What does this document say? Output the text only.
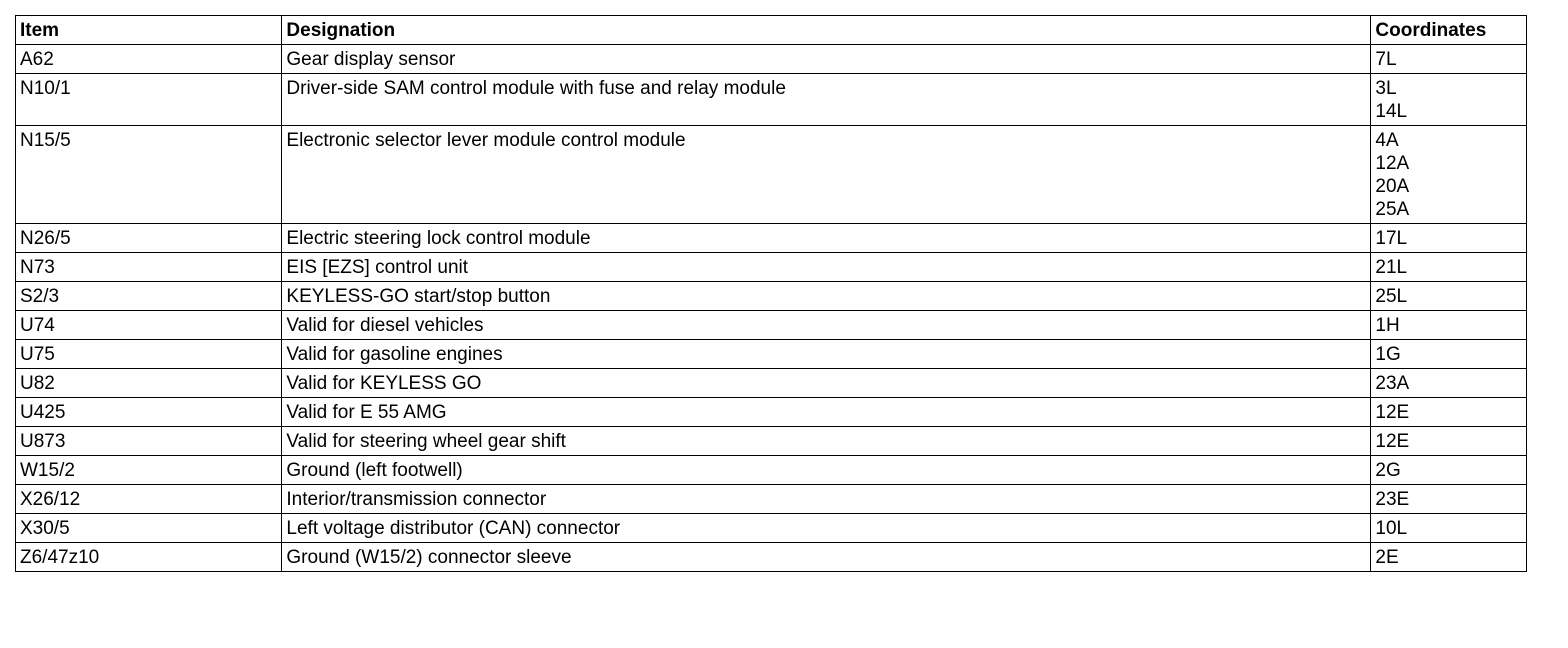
Item	Designation	Coordinates
A62	Gear display sensor	7L

N10/1	Driver-side SAM control module with fuse and relay module	3L
14L

N15/5	Electronic selector lever module control module	4A
12A
20A
25A

N26/5	Electric steering lock control module	17L

N73	EIS [EZS] control unit	21L

S2/3	KEYLESS-GO start/stop button	25L

U74	Valid for diesel vehicles	1H

U75	Valid for gasoline engines	1G

U82	Valid for KEYLESS GO	23A

U425	Valid for E 55 AMG	12E

U873	Valid for steering wheel gear shift	12E

W15/2	Ground (left footwell)	2G

X26/12	Interior/transmission connector	23E

X30/5	Left voltage distributor (CAN) connector	10L

Z6/47z10	Ground (W15/2) connector sleeve	2E
